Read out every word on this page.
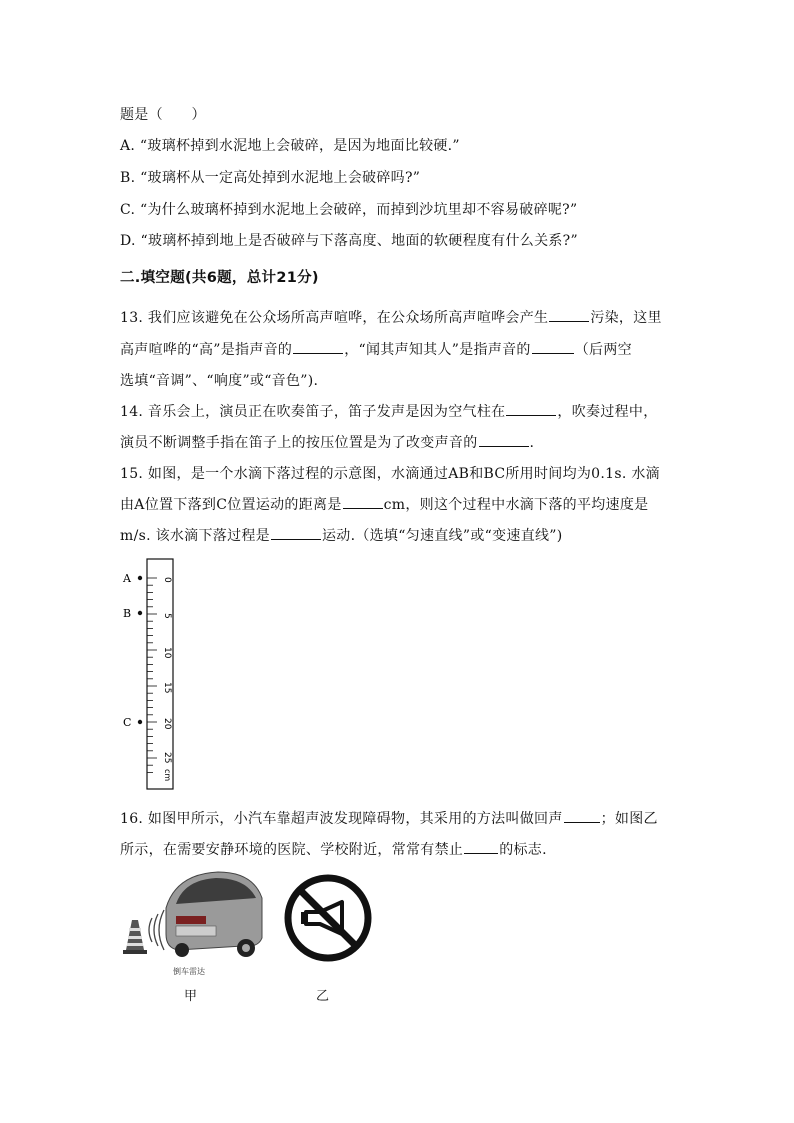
题是（　　）
A. “玻璃杯掉到水泥地上会破碎，是因为地面比较硬.”
B. “玻璃杯从一定高处掉到水泥地上会破碎吗?”
C. “为什么玻璃杯掉到水泥地上会破碎，而掉到沙坑里却不容易破碎呢?”
D. “玻璃杯掉到地上是否破碎与下落高度、地面的软硬程度有什么关系?”
二.填空题(共6题，总计21分)
13. 我们应该避免在公众场所高声喧哗，在公众场所高声喧哗会产生	污染，这里
高声喧哗的“高”是指声音的	，“闻其声知其人”是指声音的	（后两空
选填“音调”、“响度”或“音色”).
14. 音乐会上，演员正在吹奏笛子，笛子发声是因为空气柱在	，吹奏过程中，
演员不断调整手指在笛子上的按压位置是为了改变声音的	.
15. 如图，是一个水滴下落过程的示意图，水滴通过AB和BC所用时间均为0.1s. 水滴
由A位置下落到C位置运动的距离是	cm，则这个过程中水滴下落的平均速度是
m/s. 该水滴下落过程是	运动.（选填“匀速直线”或“变速直线”)
0
5
10
15
20
25
cm
A
B
C
16. 如图甲所示，小汽车靠超声波发现障碍物，其采用的方法叫做回声	；如图乙
所示，在需要安静环境的医院、学校附近，常常有禁止	的标志.
倒车雷达
甲	乙
